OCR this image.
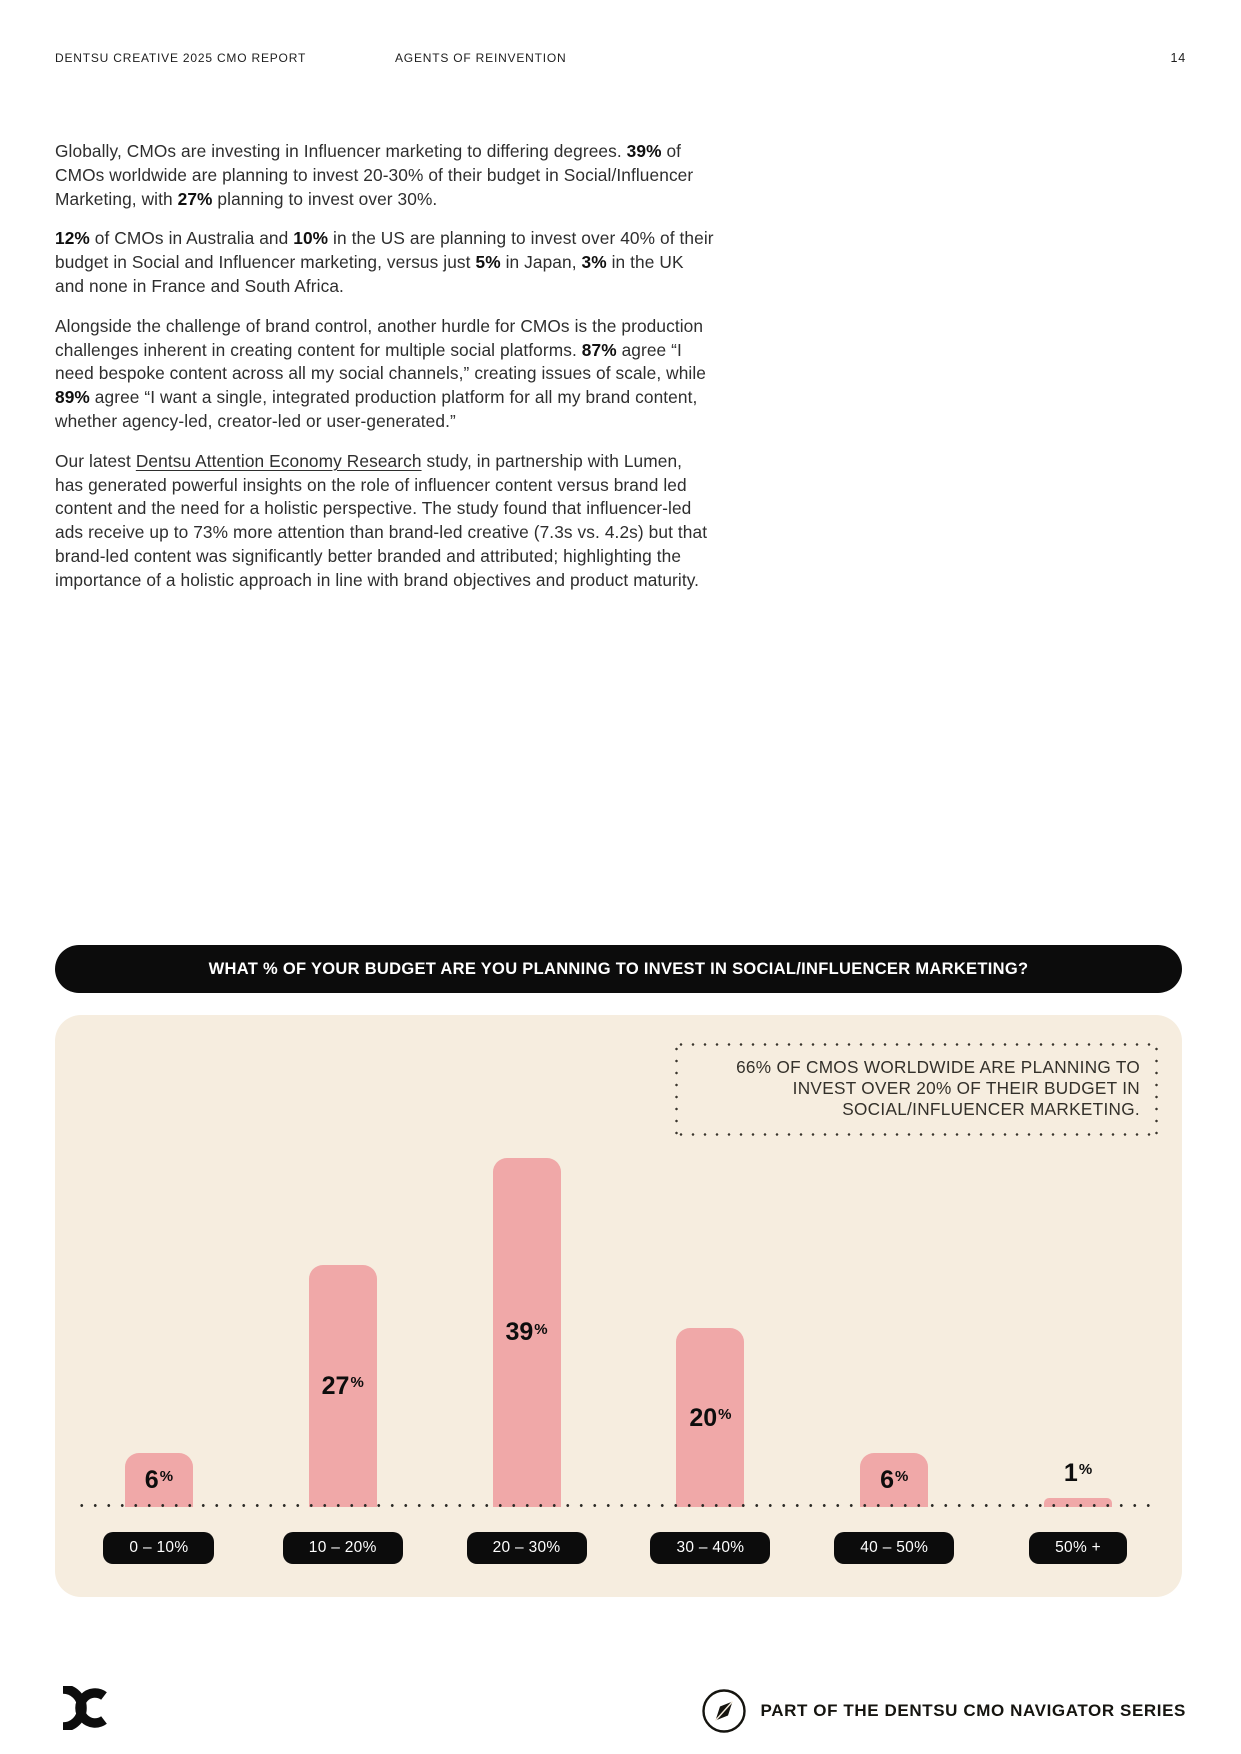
DENTSU CREATIVE 2025 CMO REPORT	AGENTS OF REINVENTION	14

Globally, CMOs are investing in Influencer marketing to differing degrees. 39% of CMOs worldwide are planning to invest 20-30% of their budget in Social/Influencer Marketing, with 27% planning to invest over 30%.

12% of CMOs in Australia and 10% in the US are planning to invest over 40% of their budget in Social and Influencer marketing, versus just 5% in Japan, 3% in the UK and none in France and South Africa.

Alongside the challenge of brand control, another hurdle for CMOs is the production challenges inherent in creating content for multiple social platforms. 87% agree “I need bespoke content across all my social channels,” creating issues of scale, while 89% agree “I want a single, integrated production platform for all my brand content, whether agency-led, creator-led or user-generated.”

Our latest Dentsu Attention Economy Research study, in partnership with Lumen, has generated powerful insights on the role of influencer content versus brand led content and the need for a holistic perspective. The study found that influencer-led ads receive up to 73% more attention than brand-led creative (7.3s vs. 4.2s) but that brand-led content was significantly better branded and attributed; highlighting the importance of a holistic approach in line with brand objectives and product maturity.

WHAT % OF YOUR BUDGET ARE YOU PLANNING TO INVEST IN SOCIAL/INFLUENCER MARKETING?
66% OF CMOS WORLDWIDE ARE PLANNING TO INVEST OVER 20% OF THEIR BUDGET IN SOCIAL/INFLUENCER MARKETING.
6%
27%
39%
20%
6%	1%
0 – 10%	10 – 20%	20 – 30%	30 – 40%	40 – 50%	50% +
PART OF THE DENTSU CMO NAVIGATOR SERIES
